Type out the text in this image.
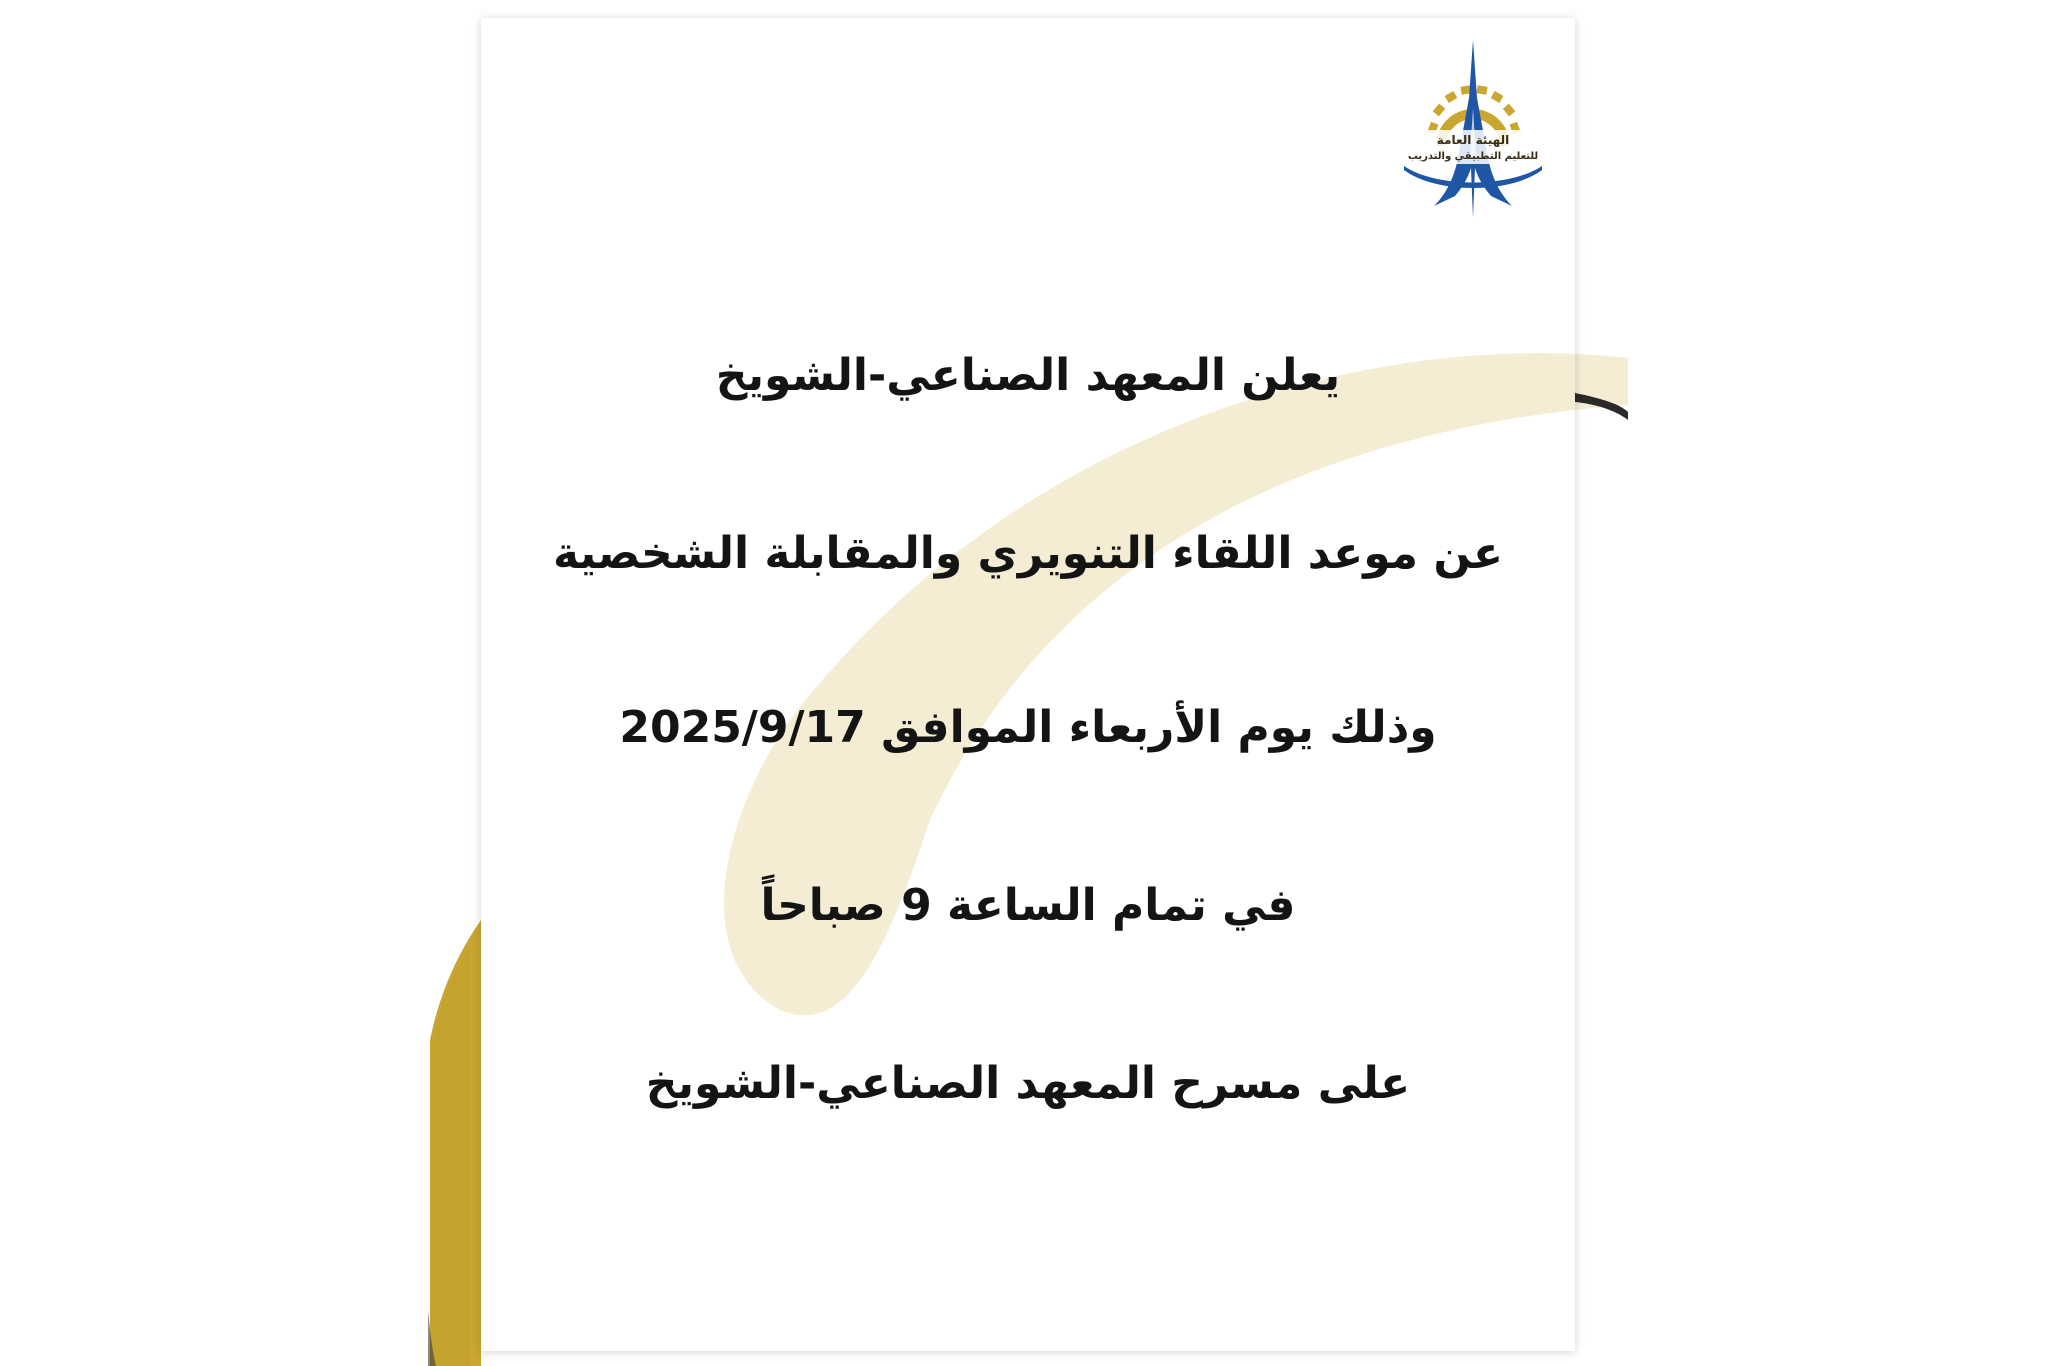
الهيئة العامة
للتعليم التطبيقي والتدريب
يعلن المعهد الصناعي-الشويخ
عن موعد اللقاء التنويري والمقابلة الشخصية
وذلك يوم الأربعاء الموافق 2025/9/17
في تمام الساعة 9 صباحاً
على مسرح المعهد الصناعي-الشويخ
